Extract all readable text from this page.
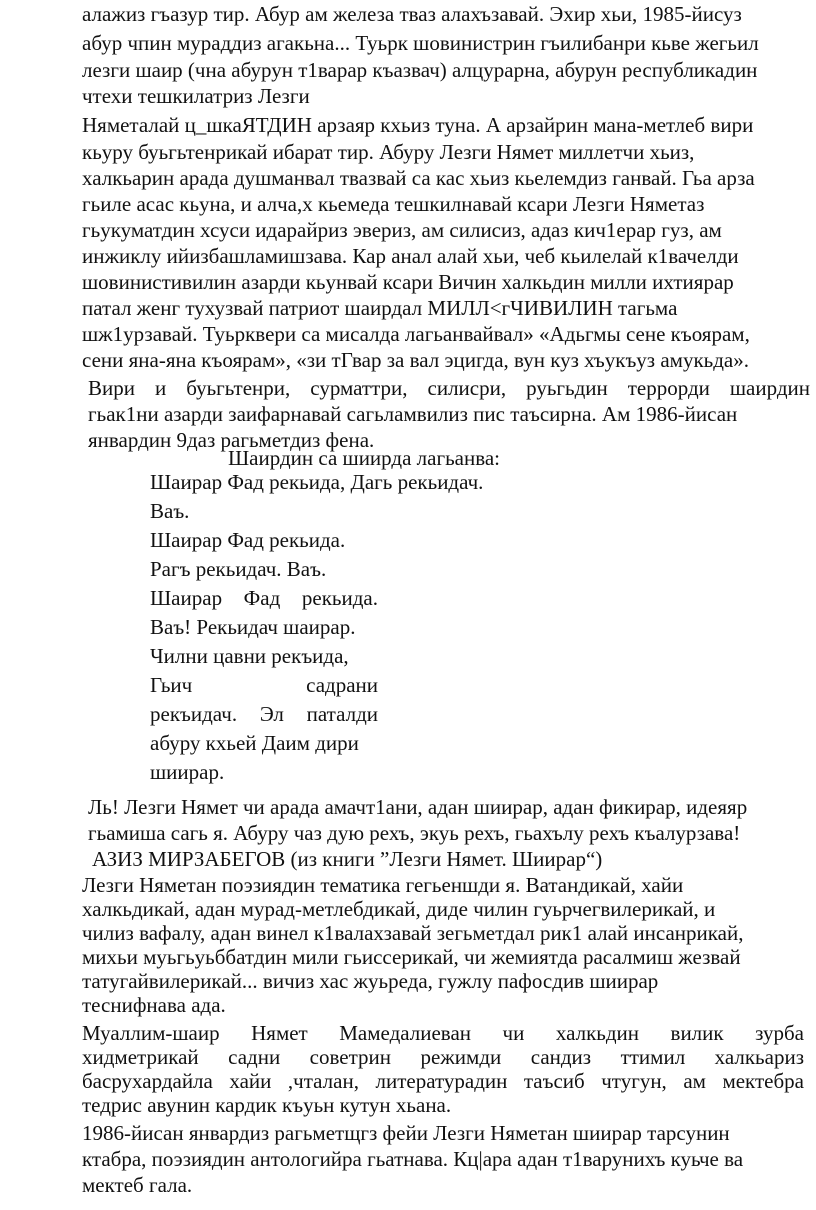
алажиз гъазур тир. Абур ам железа тваз алахъзавай. Эхир хьи, 1985-йисуз
абур чпин мураддиз агакьна... Туьрк шовинистрин гъилибанри кьве жегьил
лезги шаир (чна абурун т1варар къазвач) алцурарна, абурун республикадин
чтехи тешкилатриз Лезги
Няметалай ц_шкаЯТДИН арзаяр кхьиз туна. А арзайрин мана-метлеб вири
кьуру буьгьтенрикай ибарат тир. Абуру Лезги Нямет миллетчи хьиз,
халкьарин арада душманвал твазвай са кас хьиз кьелемдиз ганвай. Гьа арза
гьиле асас кьуна, и алча,х кьемеда тешкилнавай ксари Лезги Няметаз
гьукуматдин хсуси идарайриз эвериз, ам силисиз, адаз кич1ерар гуз, ам
инжиклу ийизбашламишзава. Кар анал алай хьи, чеб кьилелай к1вачелди
шовинистивилин азарди кьунвай ксари Вичин халкьдин милли ихтиярар
патал женг тухузвай патриот шаирдал МИЛЛ<гЧИВИЛИН тагьма
шж1урзавай. Туьрквери са мисалда лагьанвайвал» «Адьгмы сене къоярам,
сени яна-яна къоярам», «зи тГвар за вал эцигда, вун куз хъукъуз амукьда».
Вири и буьгьтенри, сурматтри, силисри, руьгьдин террорди шаирдин
гьак1ни азарди заифарнавай сагьламвилиз пис таъсирна. Ам 1986-йисан
январдин 9даз рагьметдиз фена.
Шаирдин са шиирда лагьанва:
Шаирар Фад рекьида, Дагь рекьидач.
Ваъ.
Шаирар Фад рекьида.
Рагъ рекьидач. Ваъ.
Шаирар Фад рекьида.
Ваъ! Рекьидач шаирар.
Чилни цавни рекъида,
Гьич садрани
рекъидач. Эл паталди
абуру кхьей Даим дири
шиирар.
Ль! Лезги Нямет чи арада амачт1ани, адан шиирар, адан фикирар, идеяяр
гьамиша сагь я. Абуру чаз дую рехъ, экуь рехъ, гьахълу рехъ къалурзава!
АЗИЗ МИРЗАБЕГОВ (из книги ”Лезги Нямет. Шиирар“)
Лезги Няметан поэзиядин тематика гегьеншди я. Ватандикай, хайи
халкьдикай, адан мурад-метлебдикай, диде чилин гуьрчегвилерикай, и
чилиз вафалу, адан винел к1валахзавай зегьметдал рик1 алай инсанрикай,
михьи муьгьуьббатдин мили гьиссерикай, чи жемиятда расалмиш жезвай
татугайвилерикай... вичиз хас жуьреда, гужлу пафосдив шиирар
теснифнава ада.
Муаллим-шаир Нямет Мамедалиеван чи халкьдин вилик зурба
хидметрикай садни советрин режимди сандиз ттимил халкьариз
басрухардайла хайи ,чталан, литературадин таъсиб чтугун, ам мектебра
тедрис авунин кардик къуьн кутун хьана.
1986-йисан январдиз рагьметщгз фейи Лезги Няметан шиирар тарсунин
ктабра, поэзиядин антологийра гьатнава. Кц|ара адан т1варунихъ куьче ва
мектеб гала.
